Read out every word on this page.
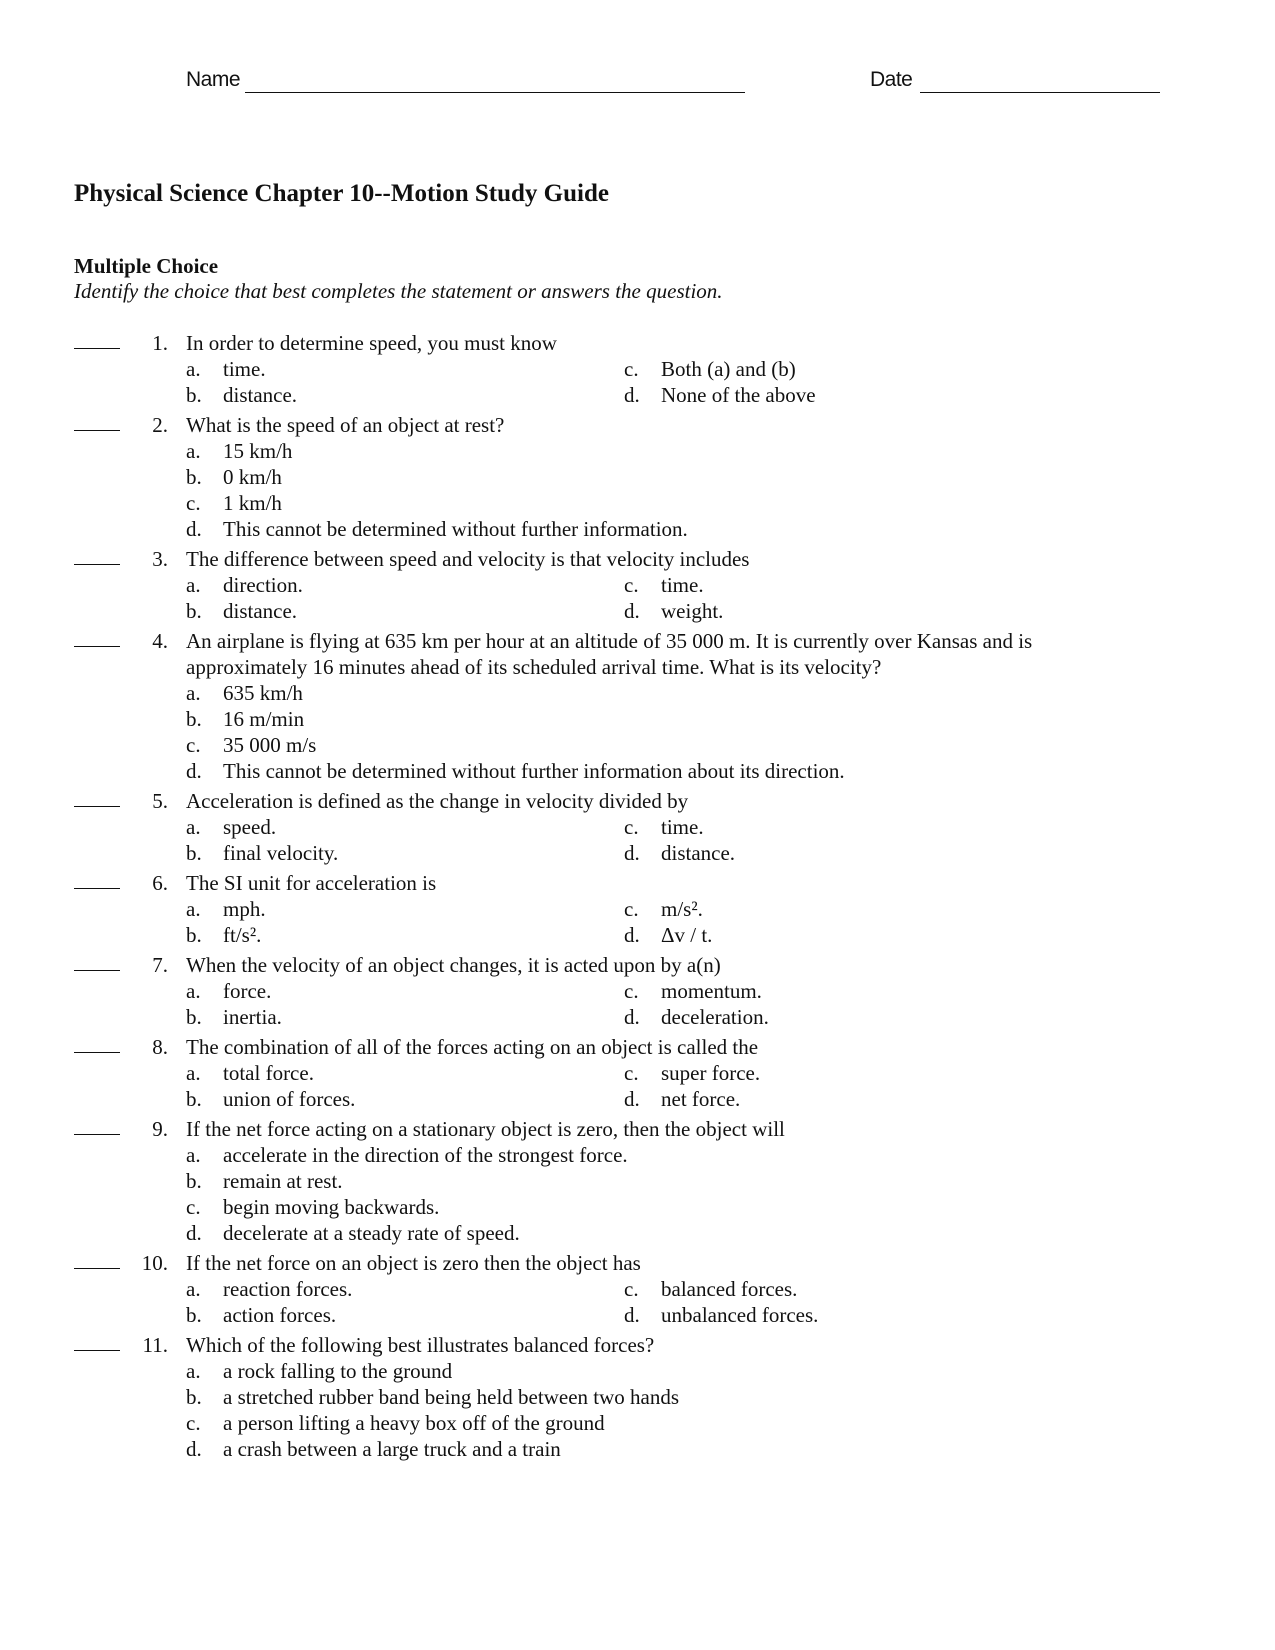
Name	Date
Physical Science Chapter 10--Motion Study Guide
Multiple Choice

Identify the choice that best completes the statement or answers the question.

1. In order to determine speed, you must know
a.	time.
b.	distance.
c.	Both (a) and (b)
d.	None of the above
2. What is the speed of an object at rest?
a.	15 km/h
b.	0 km/h
c.	1 km/h
d.	This cannot be determined without further information.
3. The difference between speed and velocity is that velocity includes
a.	direction.
b.	distance.
c.	time.
d.	weight.
4. An airplane is flying at 635 km per hour at an altitude of 35 000 m. It is currently over Kansas and is approximately 16 minutes ahead of its scheduled arrival time. What is its velocity?
a.	635 km/h
b.	16 m/min
c.	35 000 m/s
d.	This cannot be determined without further information about its direction.
5. Acceleration is defined as the change in velocity divided by
a.	speed.
b.	final velocity.
c.	time.
d.	distance.
6. The SI unit for acceleration is
a.	mph.
b.	ft/s².
c.	m/s².
d.	Δv / t.
7. When the velocity of an object changes, it is acted upon by a(n)
a.	force.
b.	inertia.
c.	momentum.
d.	deceleration.
8. The combination of all of the forces acting on an object is called the
a.	total force.
b.	union of forces.
c.	super force.
d.	net force.
9. If the net force acting on a stationary object is zero, then the object will
a.	accelerate in the direction of the strongest force.
b.	remain at rest.
c.	begin moving backwards.
d.	decelerate at a steady rate of speed.
10. If the net force on an object is zero then the object has
a.	reaction forces.
b.	action forces.
c.	balanced forces.
d.	unbalanced forces.
11. Which of the following best illustrates balanced forces?
a.	a rock falling to the ground
b.	a stretched rubber band being held between two hands
c.	a person lifting a heavy box off of the ground
d.	a crash between a large truck and a train
